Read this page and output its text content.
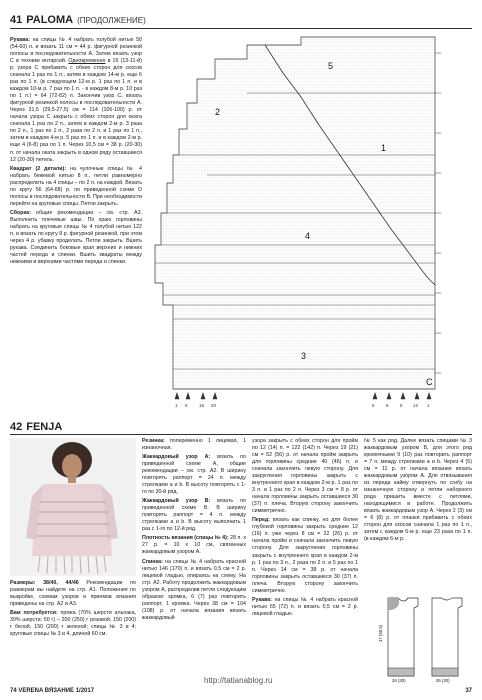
41 PALOMA (ПРОДОЛЖЕНИЕ)

Рукава: на спицы № 4 набрать голубой нитью 50 (54-60) п. и вязать 11 см = 44 р. фигурной резинкой полосы в последовательности А. Затем вязать узор С в технике интарсий. Одновременно в 15 (13-11-й) р. узора С прибавить с обеих сторон для скосов сначала 1 раз по 1 п., затем в каждом 14-м р. еще 6 раз по 1 п. (в следующем 12-м р. 1 раз по 1 п. и в каждом 10-м р. 7 раз по 1 п. - в каждом 8-м р. 10 раз по 1 п.) = 64 (72-82) п. Закончив узор С, вязать фигурной резинкой полосы в последовательности А. Через 31,5 (29,5-27,5) см = 114 (106-100) р. от начала узора С закрыть с обеих сторон для оката сначала 1 раз по 2 п., затем в каждом 2-м р. 3 раза по 2 п., 1 раз по 1 п., 2 раза по 2 п. и 1 раз по 1 п., затем в каждом 4-м р. 5 раз по 1 п. и в каждом 2-м р. еще 4 (6-8) раз по 1 п. Через 10,5 см = 38 р. (20-30) п. от начала оката закрыть в одном ряду оставшиеся 12 (20-30) петель.

Квадрат (2 детали): на чулочные спицы № 4 набрать бежевой нитью 8 п., петли равномерно распределить на 4 спицы – по 2 п. на каждой. Вязать по кругу 56 (64-68) р. по приведенной схеме D полосы в последовательности В. При необходимости перейти на круговые спицы. Петли закрыть.

Сборка: общие рекомендации – см. стр. А3. Выполнить плечевые швы. По краю горловины набрать на круговые спицы № 4 голубой нитью 122 п. и вязать по кругу 8 р. фигурной резинкой, при этом через 4 р. убавку проделать. Петли закрыть. Вшить рукава. Соединить боковые края верхних и нижних частей переда и спинки. Вшить квадраты между нижними и верхними частями переда и спинки.

5
2
1
4
3
C
1 5	16 20	5	6	5 12 1
42 FENJA

Размеры: 38/40, 44/46 Рекомендации по размерам вы найдете на стр. А1. Положения по выкройке, схемам узоров и приемов вязания приведены на стр. А2 и А3.

Вам потребуется: пряжа (70% шерсти альпака, 30% шерсти; 50 г) – 200 (250) г розовой, 150 (200) г белой, 150 (200) г зеленой; спицы № 3 и 4; круговые спицы № 3 и 4, длиной 60 см.

Резинка: попеременно 1 лицевая, 1 изнаночная.

Жаккардовый узор А: вязать по приведенной схеме A, общие рекомендации – см. стр. А2. В ширину повторять раппорт = 24 п. между стрелками а и b. В высоту повторять с 1-го по 30-й ряд.

Жаккардовый узор В: вязать по приведенной схеме В. В ширину повторять раппорт = 4 п. между стрелками а и b. В высоту выполнить 1 раз с 1-го по 12-й ряд.

Плотность вязания (спицы № 4): 28 п. x 27 р. = 10 x 10 см, связанных жаккардовым узором А.

Спинка: на спицы № 4 набрать красной нитью 146 (170) п. и вязать 0,5 см = 2 р. лицевой гладью, опираясь на схему. На стр. А2. Работу продолжить жаккардовым узором А, распределив петли следующим образом: кромка, 6 (7) раз повторить раппорт, 1 кромка. Через 38 см = 104 (108) р. от начала вязания вязать жаккардовый

узора закрыть с обеих сторон для пройм по 12 (14) п. = 122 (142) п. Через 19 (21) см = 52 (56) р. от начала пройм закрыть для горловины средние 40 (46) п. и сначала закончить левую сторону. Для закругления горловины закрыть с внутреннего края в каждом 2-м р. 1 раз по 3 п. и 1 раз по 2 п. Через 3 см = 8 р. от начала горловины закрыть оставшиеся 30 (37) п. плеча. Вторую сторону закончить симметрично.

Перед: вязать как спинку, но для более глубокой горловины закрыть средние 12 (16) п. уже через 8 см = 22 (26) р. от начала пройм и сначала закончить левую сторону. Для закругления горловины закрыть с внутреннего края в каждом 2-м р. 1 раз по 3 п., 2 раза по 2 п. и 5 раз по 1 п. Через 14 см = 38 р. от начала горловины закрыть оставшиеся 30 (37) п. плеча. Вторую сторону закончить симметрично.

Рукава: на спицы № 4 набрать красной нитью 65 (72) п. и вязать 0,5 см = 2 р. лицевой гладью.

№ 5 как ряд. Далее вязать спицами № 3 жаккардовым узором В, для этого ряд кромочными 9 (10) раз повторить раппорт = 7 п. между стрелками а и b. Через 4 (5) см = 11 р. от начала вязания вязать жаккардовым узором А. Для отвязывания из переда кайму отвернуть по сгибу на изнаночную сторону и петли наборного ряда пришить вместе с петлями, находящимися в работе. Продолжить вязать жаккардовым узор А. Через 2 (3) см = 6 (8) р. от планки прибавить с обеих сторон для скосов сначала 1 раз по 1 п., затем с каждом 6-м р. еще 23 раза по 1 п. (в каждом 6-м р.

47 (50,5)
26 (30)	26 (30)
74 VERENA ВЯЗАНИЕ 1/2017
http://tatianablog.ru
37
